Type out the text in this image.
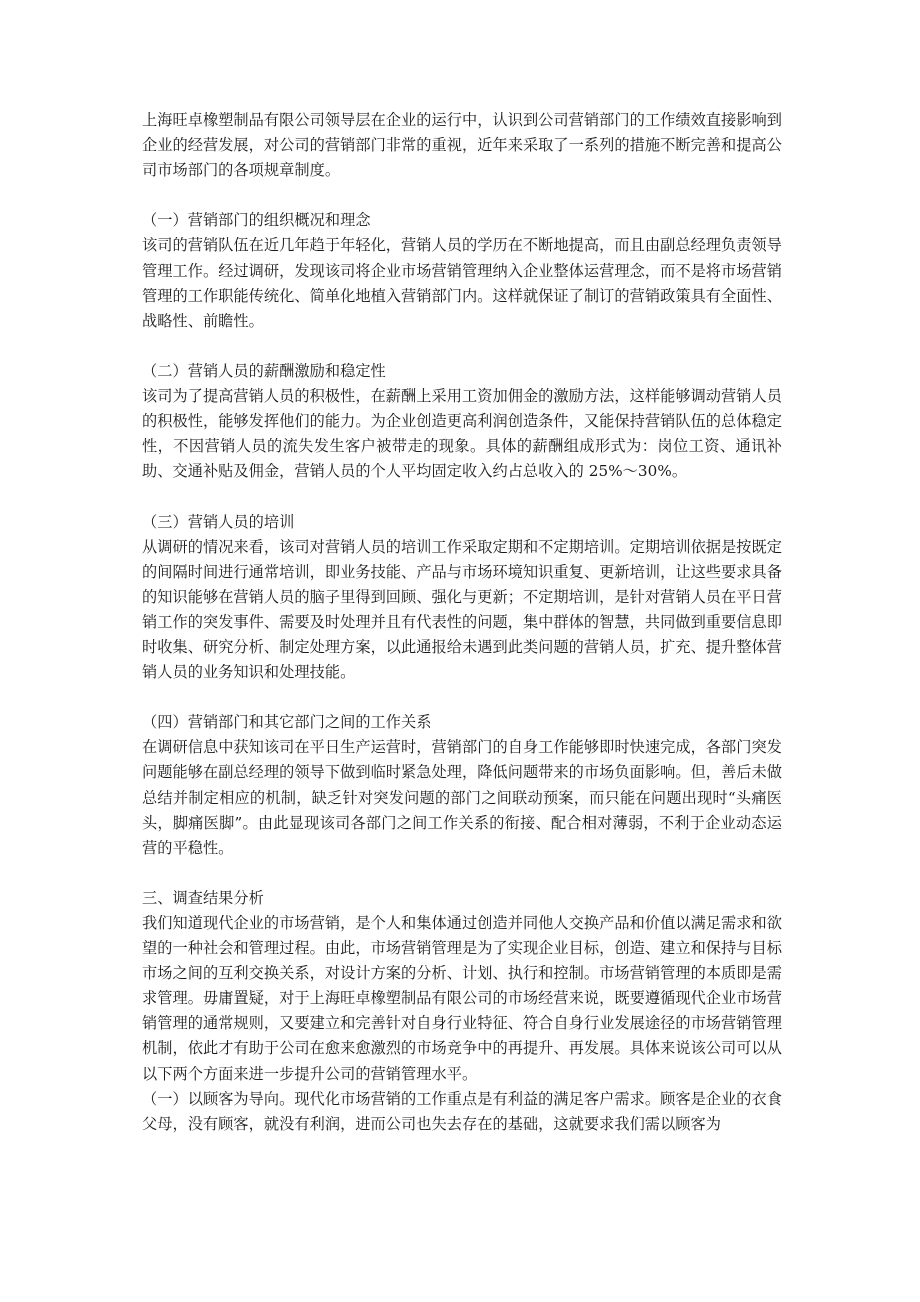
上海旺卓橡塑制品有限公司领导层在企业的运行中，认识到公司营销部门的工作绩效直接影响到企业的经营发展，对公司的营销部门非常的重视，近年来采取了一系列的措施不断完善和提高公司市场部门的各项规章制度。

（一）营销部门的组织概况和理念

该司的营销队伍在近几年趋于年轻化，营销人员的学历在不断地提高，而且由副总经理负责领导管理工作。经过调研，发现该司将企业市场营销管理纳入企业整体运营理念，而不是将市场营销管理的工作职能传统化、简单化地植入营销部门内。这样就保证了制订的营销政策具有全面性、战略性、前瞻性。

（二）营销人员的薪酬激励和稳定性

该司为了提高营销人员的积极性，在薪酬上采用工资加佣金的激励方法，这样能够调动营销人员的积极性，能够发挥他们的能力。为企业创造更高利润创造条件，又能保持营销队伍的总体稳定性，不因营销人员的流失发生客户被带走的现象。具体的薪酬组成形式为：岗位工资、通讯补助、交通补贴及佣金，营销人员的个人平均固定收入约占总收入的 25%～30%。

（三）营销人员的培训

从调研的情况来看，该司对营销人员的培训工作采取定期和不定期培训。定期培训依据是按既定的间隔时间进行通常培训，即业务技能、产品与市场环境知识重复、更新培训，让这些要求具备的知识能够在营销人员的脑子里得到回顾、强化与更新；不定期培训，是针对营销人员在平日营销工作的突发事件、需要及时处理并且有代表性的问题，集中群体的智慧，共同做到重要信息即时收集、研究分析、制定处理方案，以此通报给未遇到此类问题的营销人员，扩充、提升整体营销人员的业务知识和处理技能。

（四）营销部门和其它部门之间的工作关系

在调研信息中获知该司在平日生产运营时，营销部门的自身工作能够即时快速完成，各部门突发问题能够在副总经理的领导下做到临时紧急处理，降低问题带来的市场负面影响。但，善后未做总结并制定相应的机制，缺乏针对突发问题的部门之间联动预案，而只能在问题出现时“头痛医头，脚痛医脚”。由此显现该司各部门之间工作关系的衔接、配合相对薄弱，不利于企业动态运营的平稳性。

三、调查结果分析

我们知道现代企业的市场营销，是个人和集体通过创造并同他人交换产品和价值以满足需求和欲望的一种社会和管理过程。由此，市场营销管理是为了实现企业目标，创造、建立和保持与目标市场之间的互利交换关系，对设计方案的分析、计划、执行和控制。市场营销管理的本质即是需求管理。毋庸置疑，对于上海旺卓橡塑制品有限公司的市场经营来说，既要遵循现代企业市场营销管理的通常规则，又要建立和完善针对自身行业特征、符合自身行业发展途径的市场营销管理机制，依此才有助于公司在愈来愈激烈的市场竞争中的再提升、再发展。具体来说该公司可以从以下两个方面来进一步提升公司的营销管理水平。

（一）以顾客为导向。现代化市场营销的工作重点是有利益的满足客户需求。顾客是企业的衣食父母，没有顾客，就没有利润，进而公司也失去存在的基础，这就要求我们需以顾客为
